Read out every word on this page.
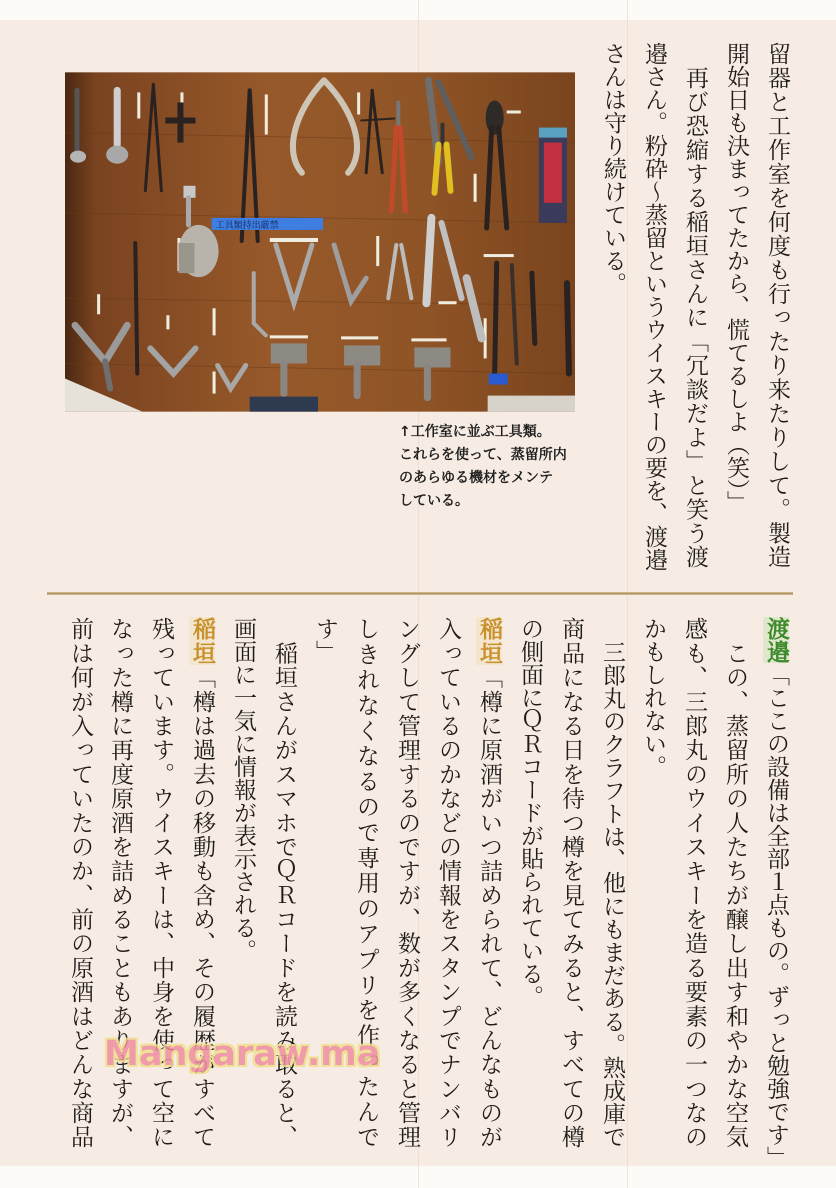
工具類持出厳禁
↑工作室に並ぶ工具類。
これらを使って、蒸留所内
のあらゆる機材をメンテ
している。	留器と工作室を何度も行ったり来たりして。製造
開始日も決まってたから、慌てるしよ（笑）」
　再び恐縮する稲垣さんに「冗談だよ」と笑う渡
邉さん。粉砕〜蒸留というウイスキーの要を、渡邉
さんは守り続けている。
渡邉「ここの設備は全部１点もの。ずっと勉強です」
　この、蒸留所の人たちが醸し出す和やかな空気
感も、三郎丸のウイスキーを造る要素の一つなの
かもしれない。
　三郎丸のクラフトは、他にもまだある。熟成庫で
商品になる日を待つ樽を見てみると、すべての樽
の側面にＱＲコードが貼られている。
稲垣「樽に原酒がいつ詰められて、どんなものが
入っているのかなどの情報をスタンプでナンバリ
ングして管理するのですが、数が多くなると管理
しきれなくなるので専用のアプリを作ったんで
す」
　稲垣さんがスマホでＱＲコードを読み取ると、
画面に一気に情報が表示される。
稲垣「樽は過去の移動も含め、その履歴がすべて
残っています。ウイスキーは、中身を使って空に
なった樽に再度原酒を詰めることもありますが、
前は何が入っていたのか、前の原酒はどんな商品 Mangaraw.ma
